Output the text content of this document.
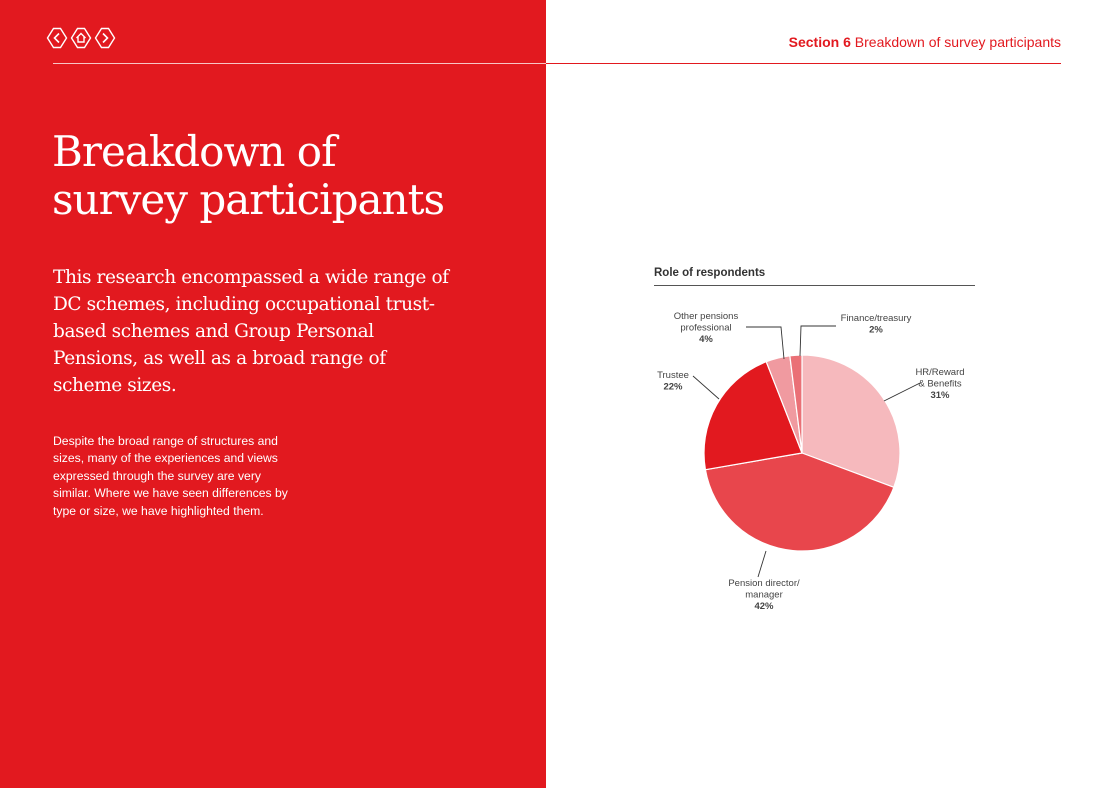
Breakdown of
survey participants

This research encompassed a wide range of DC schemes, including occupational trust-based schemes and Group Personal Pensions, as well as a broad range of scheme sizes.

Despite the broad range of structures and sizes, many of the experiences and views expressed through the survey are very similar. Where we have seen differences by type or size, we have highlighted them.

Section 6 Breakdown of survey participants
Role of respondents
HR/Reward & Benefits 31%
Pension director/ manager 42%
Trustee 22%
Other pensions professional 4%
Finance/treasury 2%
